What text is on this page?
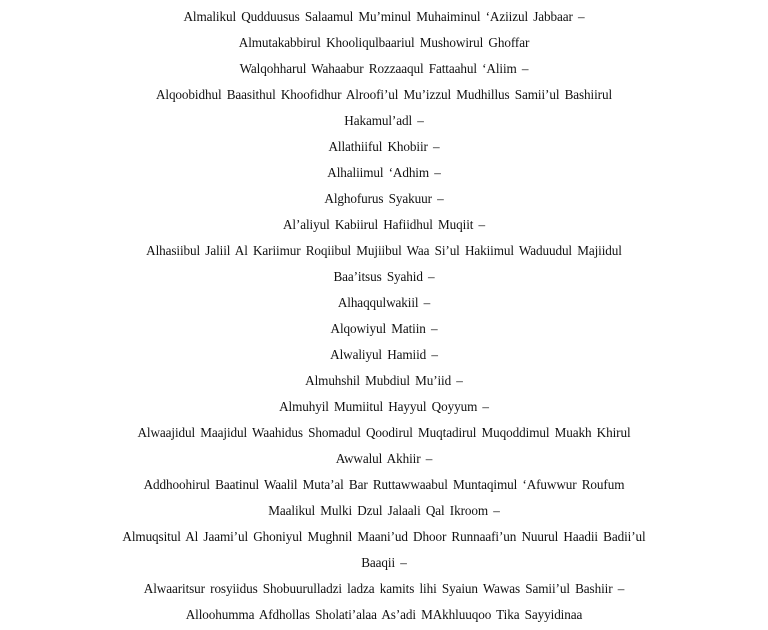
Almalikul Qudduusus Salaamul Mu’minul Muhaiminul ‘Aziizul Jabbaar –
Almutakabbirul Khooliqulbaariul Mushowirul Ghoffar
Walqohharul Wahaabur Rozzaaqul Fattaahul ‘Aliim –
Alqoobidhul Baasithul Khoofidhur Alroofi’ul Mu’izzul Mudhillus Samii’ul Bashiirul
Hakamul’adl –
Allathiiful Khobiir –
Alhaliimul ‘Adhim –
Alghofurus Syakuur –
Al’aliyul Kabiirul Hafiidhul Muqiit –
Alhasiibul Jaliil Al Kariimur Roqiibul Mujiibul Waa Si’ul Hakiimul Waduudul Majiidul
Baa’itsus Syahid –
Alhaqqulwakiil –
Alqowiyul Matiin –
Alwaliyul Hamiid –
Almuhshil Mubdiul Mu’iid –
Almuhyil Mumiitul Hayyul Qoyyum –
Alwaajidul Maajidul Waahidus Shomadul Qoodirul Muqtadirul Muqoddimul Muakh Khirul
Awwalul Akhiir –
Addhoohirul Baatinul Waalil Muta’al Bar Ruttawwaabul Muntaqimul ‘Afuwwur Roufum
Maalikul Mulki Dzul Jalaali Qal Ikroom –
Almuqsitul Al Jaami’ul Ghoniyul Mughnil Maani’ud Dhoor Runnaafi’un Nuurul Haadii Badii’ul
Baaqii –
Alwaaritsur rosyiidus Shobuurulladzi ladza kamits lihi Syaiun Wawas Samii’ul Bashiir –
Alloohumma Afdhollas Sholati’alaa As’adi MAkhluuqoo Tika Sayyidinaa
